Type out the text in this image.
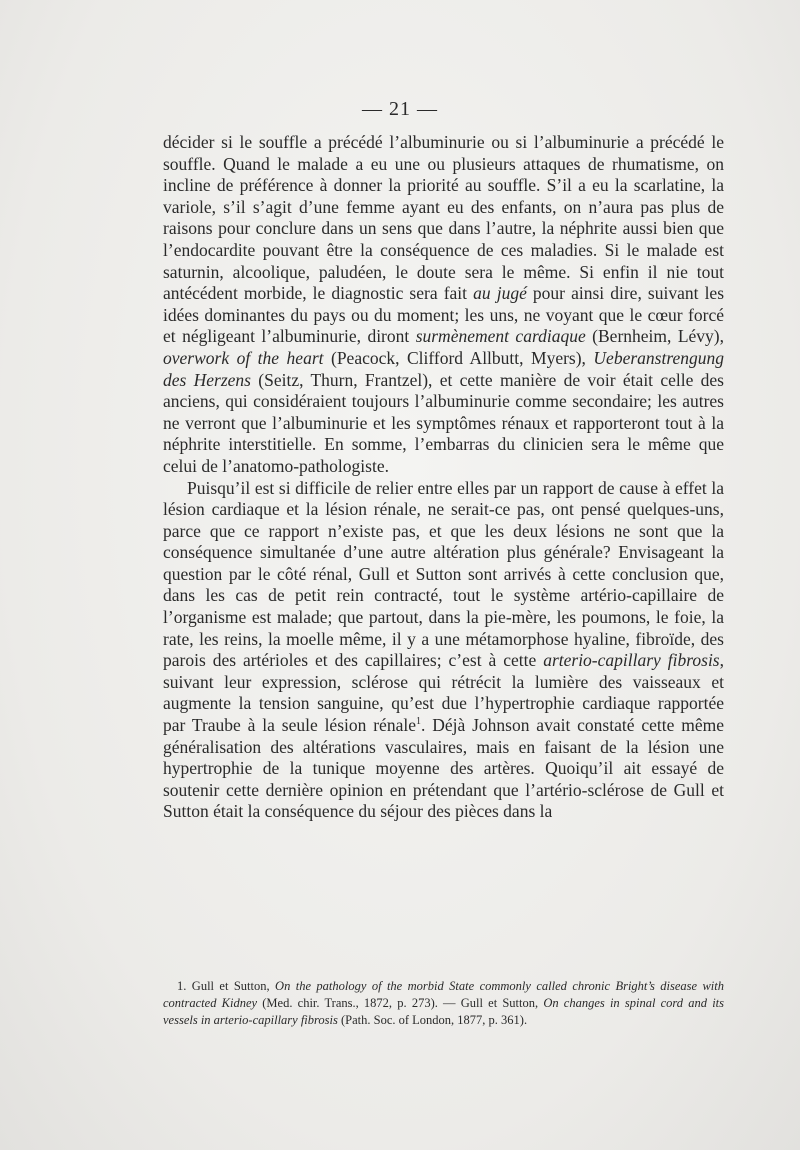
— 21 —

décider si le souffle a précédé l’albuminurie ou si l’albuminurie a précédé le souffle. Quand le malade a eu une ou plusieurs attaques de rhumatisme, on incline de préférence à donner la priorité au souffle. S’il a eu la scarlatine, la variole, s’il s’agit d’une femme ayant eu des enfants, on n’aura pas plus de raisons pour conclure dans un sens que dans l’autre, la néphrite aussi bien que l’endocardite pouvant être la conséquence de ces maladies. Si le malade est saturnin, alcoolique, paludéen, le doute sera le même. Si enfin il nie tout antécédent morbide, le diagnostic sera fait au jugé pour ainsi dire, suivant les idées dominantes du pays ou du moment; les uns, ne voyant que le cœur forcé et négligeant l’albuminurie, diront surmènement cardiaque (Bernheim, Lévy), overwork of the heart (Peacock, Clifford Allbutt, Myers), Ueberanstrengung des Herzens (Seitz, Thurn, Frantzel), et cette manière de voir était celle des anciens, qui considéraient toujours l’albuminurie comme secondaire; les autres ne verront que l’albuminurie et les symptômes rénaux et rapporteront tout à la néphrite interstitielle. En somme, l’embarras du clinicien sera le même que celui de l’anatomo-pathologiste.

Puisqu’il est si difficile de relier entre elles par un rapport de cause à effet la lésion cardiaque et la lésion rénale, ne serait-ce pas, ont pensé quelques-uns, parce que ce rapport n’existe pas, et que les deux lésions ne sont que la conséquence simultanée d’une autre altération plus générale? Envisageant la question par le côté rénal, Gull et Sutton sont arrivés à cette conclusion que, dans les cas de petit rein contracté, tout le système artério-capillaire de l’organisme est malade; que partout, dans la pie-mère, les poumons, le foie, la rate, les reins, la moelle même, il y a une métamorphose hyaline, fibroïde, des parois des artérioles et des capillaires; c’est à cette arterio-capillary fibrosis, suivant leur expression, sclérose qui rétrécit la lumière des vaisseaux et augmente la tension sanguine, qu’est due l’hypertrophie cardiaque rapportée par Traube à la seule lésion rénale$^1$. Déjà Johnson avait constaté cette même généralisation des altérations vasculaires, mais en faisant de la lésion une hypertrophie de la tunique moyenne des artères. Quoiqu’il ait essayé de soutenir cette dernière opinion en prétendant que l’artério-sclérose de Gull et Sutton était la conséquence du séjour des pièces dans la

1. Gull et Sutton, On the pathology of the morbid State commonly called chronic Bright’s disease with contracted Kidney (Med. chir. Trans., 1872, p. 273). — Gull et Sutton, On changes in spinal cord and its vessels in arterio-capillary fibrosis (Path. Soc. of London, 1877, p. 361).
